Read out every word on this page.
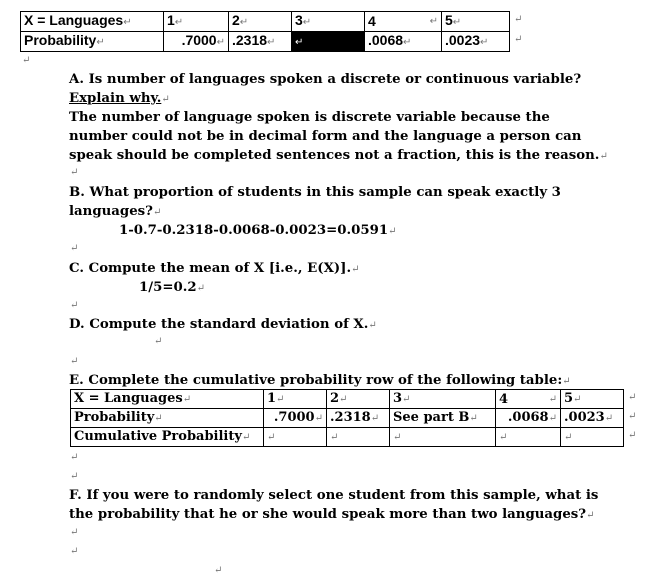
X = Languages↵	1↵	2↵	3↵	4 ↵	5↵
Probability↵	.7000↵	.2318↵	↵	.0068↵	.0023↵
↵
↵
↵
A. Is number of languages spoken a discrete or continuous variable?
Explain why.↵
The number of language spoken is discrete variable because the
number could not be in decimal form and the language a person can
speak should be completed sentences not a fraction, this is the reason.↵
↵
B. What proportion of students in this sample can speak exactly 3
languages?↵
1-0.7-0.2318-0.0068-0.0023=0.0591↵
↵
C. Compute the mean of X [i.e., E(X)].↵
1/5=0.2↵
↵
D. Compute the standard deviation of X.↵
↵
↵
E. Complete the cumulative probability row of the following table:↵
X = Languages↵	1↵	2↵	3↵	4 ↵	5↵
Probability↵	.7000↵	.2318↵	See part B↵	.0068↵	.0023↵
Cumulative Probability↵	↵	↵	↵	↵	↵
↵
↵
↵
↵
↵
F. If you were to randomly select one student from this sample, what is
the probability that he or she would speak more than two languages?↵
↵
↵
↵
